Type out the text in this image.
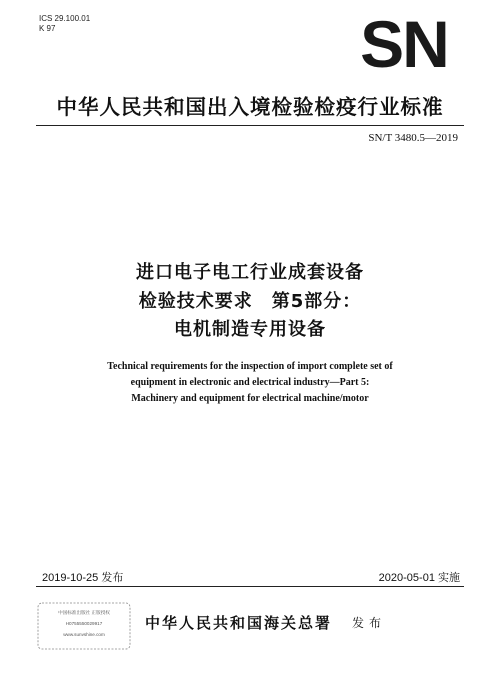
ICS 29.100.01
K 97	SN
中华人民共和国出入境检验检疫行业标准
SN/T 3480.5—2019
进口电子电工行业成套设备
检验技术要求　第5部分：
电机制造专用设备
Technical requirements for the inspection of import complete set of
equipment in electronic and electrical industry—Part 5:
Machinery and equipment for electrical machine/motor
2019-10-25 发布	2020-05-01 实施
中国标准出版社 正版授权
H0755550029917
www.sunvshine.com
中华人民共和国海关总署 发布
